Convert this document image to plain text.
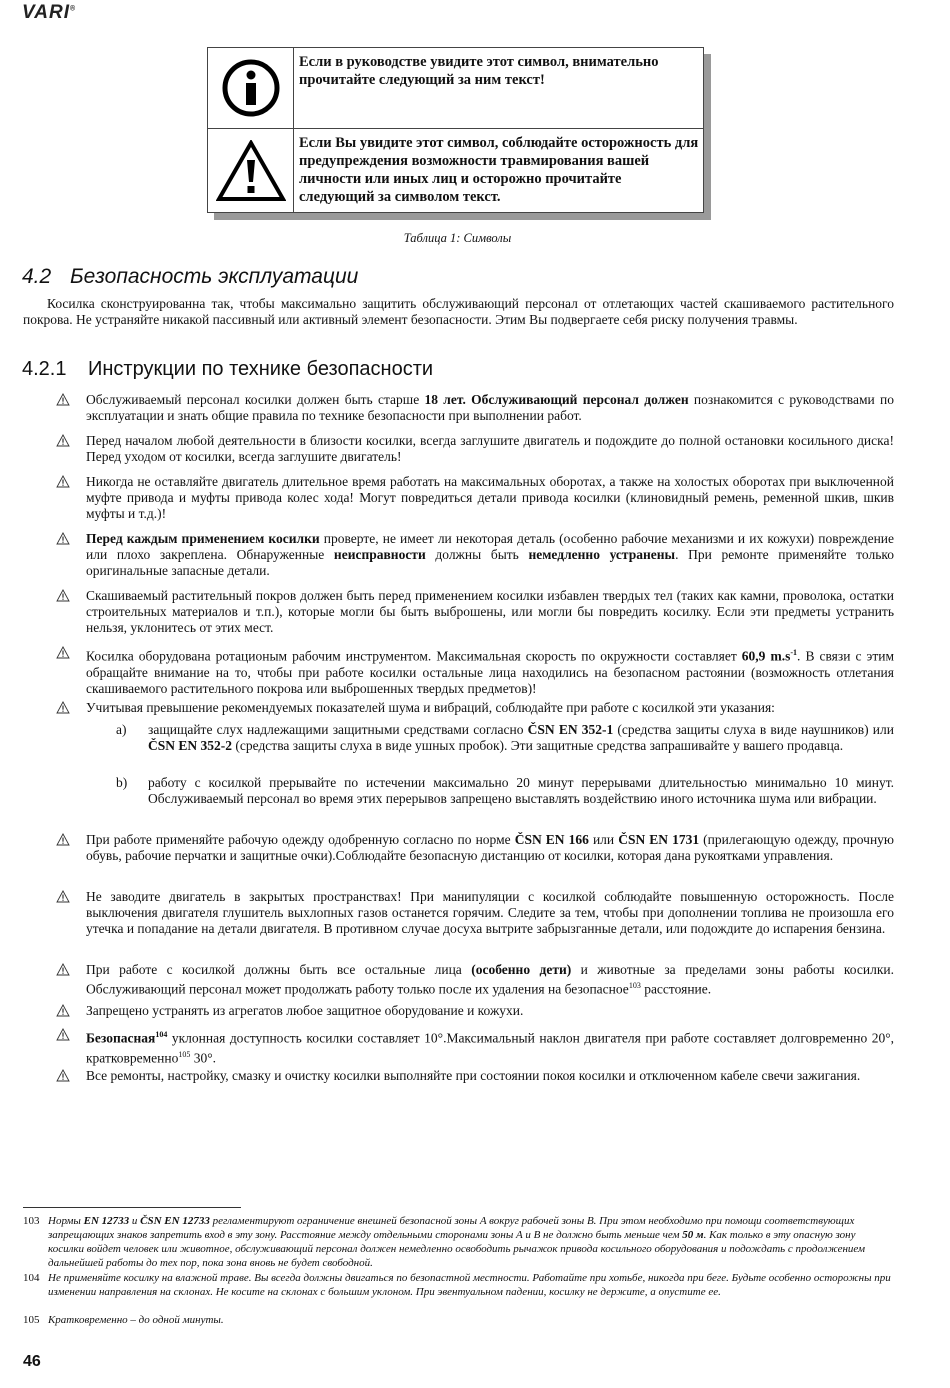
VARI®
Если в руководстве увидите этот символ, внимательно прочитайте следующий за ним текст!
Если Вы увидите этот символ, соблюдайте осторожность для предупреждения возможности травмирования вашей личности или иных лиц и осторожно прочитайте следующий за символом текст.
Таблица 1: Символы
4.2 Безопасность эксплуатации
Косилка сконструированна так, чтобы максимально защитить обслуживающий персонал от отлетающих частей скашиваемого растительного покрова. Не устраняйте никакой пассивный или активный элемент безопасности. Этим Вы подвергаете себя риску получения травмы.
4.2.1 Инструкции по технике безопасности
Обслуживаемый персонал косилки должен быть старше 18 лет. Обслуживающий персонал должен познакомится с руководствами по эксплуатации и знать общие правила по технике безопасности при выполнении работ.
Перед началом любой деятельности в близости косилки, всегда заглушите двигатель и подождите до полной остановки косильного диска! Перед уходом от косилки, всегда заглушите двигатель!
Никогда не оставляйте двигатель длительное время работать на максимальных оборотах, а также на холостых оборотах при выключенной муфте привода и муфты привода колес хода! Могут повредиться детали привода косилки (клиновидный ремень, ременной шкив, шкив муфты и т.д.)!
Перед каждым применением косилки проверте, не имеет ли некоторая деталь (особенно рабочие механизми и их кожухи) повреждение или плохо закреплена. Обнаруженные неисправности должны быть немедленно устранены. При ремонте применяйте только оригинальные запасные детали.
Скашиваемый растительный покров должен быть перед применением косилки избавлен твердых тел (таких как камни, проволока, остатки строительных материалов и т.п.), которые могли бы быть выброшены, или могли бы повредить косилку. Если эти предметы устранить нельзя, уклонитесь от этих мест.
Косилка оборудована ротационым рабочим инструментом. Максимальная скорость по окружности составляет 60,9 $m.s^{-1}$. В связи с этим обращайте внимание на то, чтобы при работе косилки остальные лица находились на безопасном растоянии (возможность отлетания скашиваемого растительного покрова или выброшенных твердых предметов)!
Учитывая превышение рекомендуемых показателей шума и вибраций, соблюдайте при работе с косилкой эти указания:
a) защищайте слух надлежащими защитными средствами согласно ČSN EN 352-1 (средства защиты слуха в виде наушников) или ČSN EN 352-2 (средства защиты слуха в виде ушных пробок). Эти защитные средства запрашивайте у вашего продавца.
b) работу с косилкой прерывайте по истечении максимально 20 минут перерывами длительностью минимально 10 минут. Обслуживаемый персонал во время этих перерывов запрещено выставлять воздействию иного источника шума или вибрации.
При работе применяйте рабочую одежду одобренную согласно по норме ČSN EN 166 или ČSN EN 1731 (прилегающую одежду, прочную обувь, рабочие перчатки и защитные очки).Соблюдайте безопасную дистанцию от косилки, которая дана рукоятками управления.
Не заводите двигатель в закрытых пространствах! При манипуляции с косилкой соблюдайте повышенную осторожность. После выключения двигателя глушитель выхлопных газов останется горячим. Следите за тем, чтобы при дополнении топлива не произошла его утечка и попадание на детали двигателя. В противном случае досуха вытрите забрызганные детали, или подождите до испарения бензина.
При работе с косилкой должны быть все остальные лица (особенно дети) и животные за пределами зоны работы косилки. Обслуживающий персонал может продолжать работу только после их удаления на безопасное$^{103}$ расстояние.
Запрещено устранять из агрегатов любое защитное оборудование и кожухи.
Безопасная$^{104}$ уклонная доступность косилки составляет 10°.Максимальный наклон двигателя при работе составляет долговременно 20°, кратковременно$^{105}$ 30°.
Все ремонты, настройку, смазку и очистку косилки выполняйте при состоянии покоя косилки и отключенном кабеле свечи зажигания.
103 Нормы EN 12733 и ČSN EN 12733 регламентируют ограничение внешней безопасной зоны A вокруг рабочей зоны B. При этом необходимо при помощи соответствующих запрещающих знаков запретить вход в эту зону. Расстояние между отдельными сторонами зоны A и B не должно быть меньше чем 50 м. Как только в эту опасную зону косилки войдет человек или животное, обслуживающий персонал должен немедленно освободить рычажок привода косильного оборудования и подождать с продолжением дальнейшей работы до тех пор, пока зона вновь не будет свободной.
104 Не применяйте косилку на влажной траве. Вы всегда должны двигаться по безопастной местности. Работайте при хотьбе, никогда при беге. Будьте особенно осторожны при изменении направления на склонах. Не косите на склонах с большим уклоном. При эвентуальном падении, косилку не держите, а опустите ее.
105 Кратковременно – до одной минуты.
46
